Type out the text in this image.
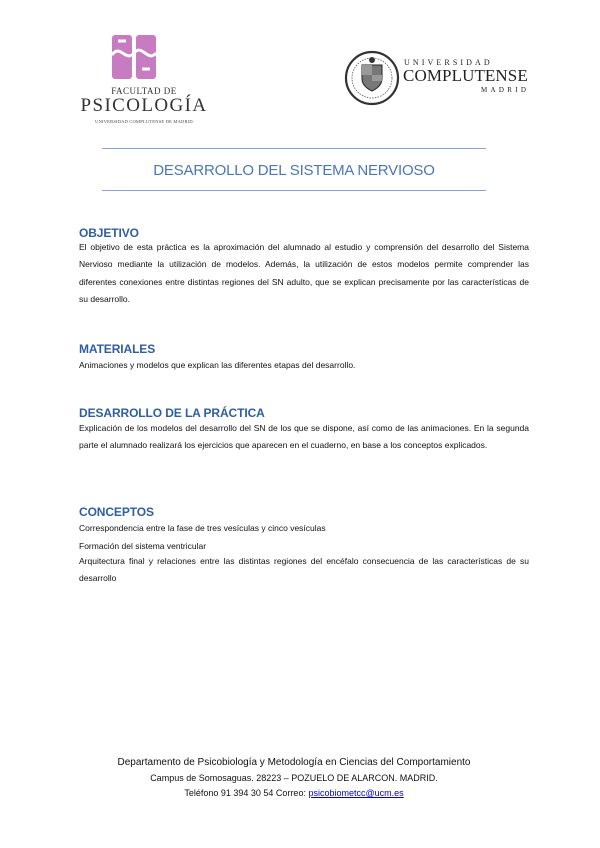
FACULTAD DE
PSICOLOGÍA
UNIVERSIDAD COMPLUTENSE DE MADRID
UNIVERSIDAD
COMPLUTENSE
MADRID
DESARROLLO DEL SISTEMA NERVIOSO
OBJETIVO
El objetivo de esta práctica es la aproximación del alumnado al estudio y comprensión del desarrollo del Sistema Nervioso mediante la utilización de modelos. Además, la utilización de estos modelos permite comprender las diferentes conexiones entre distintas regiones del SN adulto, que se explican precisamente por las características de su desarrollo.
MATERIALES
Animaciones y modelos que explican las diferentes etapas del desarrollo.
DESARROLLO DE LA PRÁCTICA
Explicación de los modelos del desarrollo del SN de los que se dispone, así como de las animaciones. En la segunda parte el alumnado realizará los ejercicios que aparecen en el cuaderno, en base a los conceptos explicados.
CONCEPTOS
Correspondencia entre la fase de tres vesículas y cinco vesículas
Formación del sistema ventricular
Arquitectura final y relaciones entre las distintas regiones del encéfalo consecuencia de las características de su desarrollo
Departamento de Psicobiología y Metodología en Ciencias del Comportamiento
Campus de Somosaguas. 28223 – POZUELO DE ALARCON. MADRID.
Teléfono 91 394 30 54 Correo: psicobiometcc@ucm.es
